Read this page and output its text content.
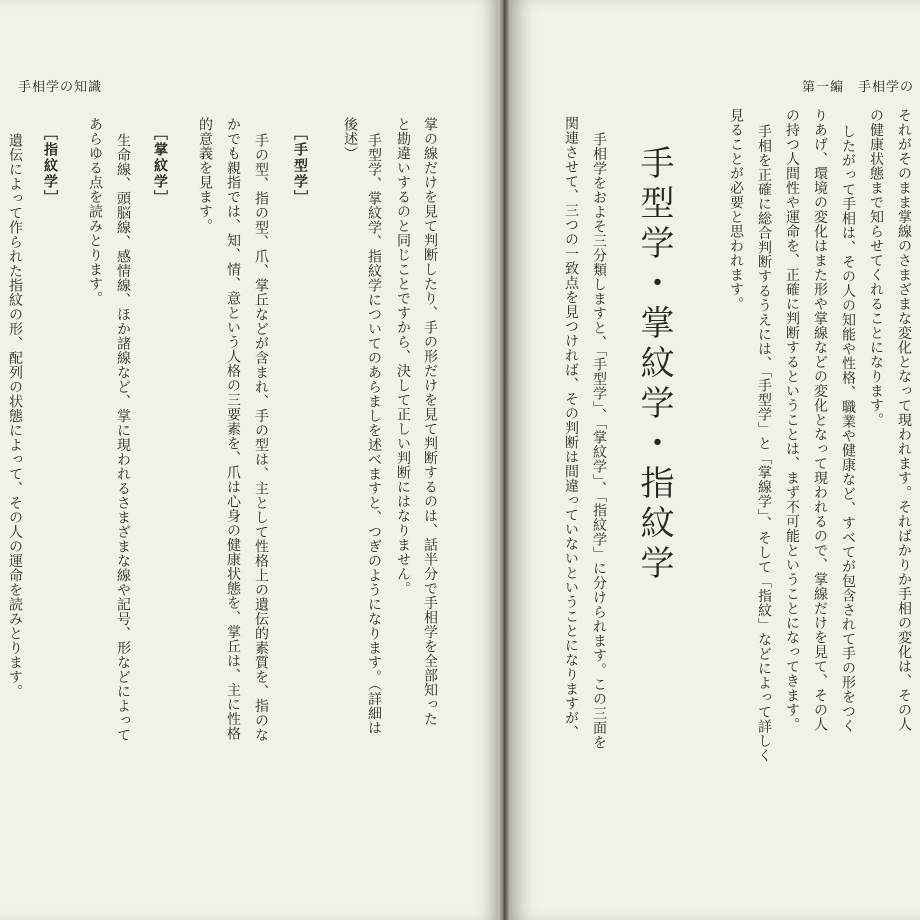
手相学の知識
後述） 手型学、掌紋学、指紋学についてのあらましを述べますと、つぎのようになります。（詳細は と勘違いするのと同じことですから、決して正しい判断にはなりません。 掌の線だけを見て判断したり、手の形だけを見て判断するのは、話半分で手相学を全部知った
［手型学］
手の型、指の型、爪、掌丘などが含まれ、手の型は、主として性格上の遺伝的素質を、指のな
かでも親指では、知、情、意という人格の三要素を、爪は心身の健康状態を、掌丘は、主に性格
的意義を見ます。
［掌紋学］
生命線、頭脳線、感情線、ほか諸線など、掌に現われるさまざまな線や記号、形などによって
あらゆる点を読みとります。
［指紋学］
遺伝によって作られた指紋の形、配列の状態によって、その人の運命を読みとります。
第一編　手相学の
それがそのまま掌線のさまざまな変化となって現われます。そればかりか手相の変化は、その人
の健康状態まで知らせてくれることになります。
したがって手相は、その人の知能や性格、職業や健康など、すべてが包含されて手の形をつく
りあげ、環境の変化はまた形や掌線などの変化となって現われるので、掌線だけを見て、その人
の持つ人間性や運命を、正確に判断するということは、まず不可能ということになってきます。
手相を正確に総合判断するうえには、「手型学」と「掌線学」、そして「指紋」などによって詳しく
見ることが必要と思われます。
手型学・掌紋学・指紋学
手相学をおよそ三分類しますと、「手型学」、「掌紋学」、「指紋学」に分けられます。この三面を
関連させて、三つの一致点を見つければ、その判断は間違っていないということになりますが、
